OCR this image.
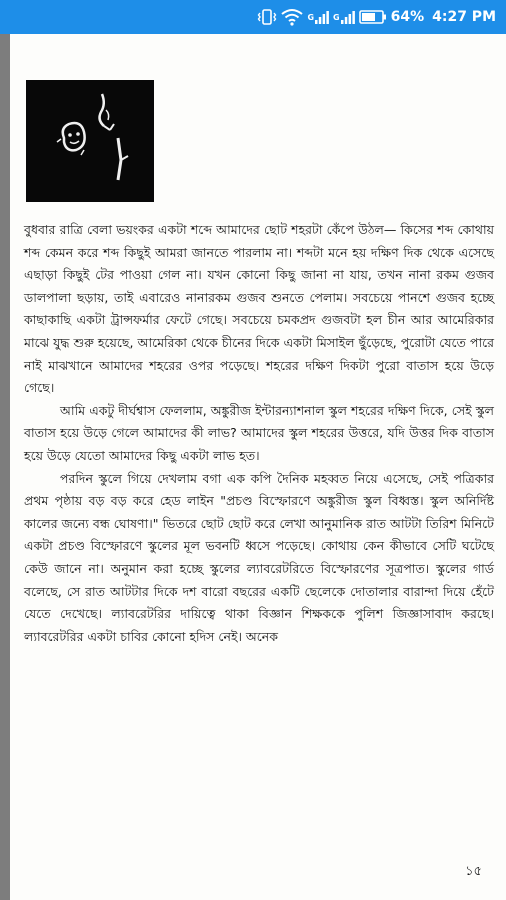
G G	64% 4:27 PM

বুধবার রাত্রি বেলা ভয়ংকর একটা শব্দে আমাদের ছোট শহরটা কেঁপে উঠল— কিসের শব্দ কোথায় শব্দ কেমন করে শব্দ কিছুই আমরা জানতে পারলাম না। শব্দটা মনে হয় দক্ষিণ দিক থেকে এসেছে এছাড়া কিছুই টের পাওয়া গেল না। যখন কোনো কিছু জানা না যায়, তখন নানা রকম গুজব ডালপালা ছড়ায়, তাই এবারেও নানারকম গুজব শুনতে পেলাম। সবচেয়ে পানশে গুজব হচ্ছে কাছাকাছি একটা ট্রান্সফর্মার ফেটে গেছে। সবচেয়ে চমকপ্রদ গুজবটা হল চীন আর আমেরিকার মাঝে যুদ্ধ শুরু হয়েছে, আমেরিকা থেকে চীনের দিকে একটা মিসাইল ছুঁড়েছে, পুরোটা যেতে পারে নাই মাঝখানে আমাদের শহরের ওপর পড়েছে। শহরের দক্ষিণ দিকটা পুরো বাতাস হয়ে উড়ে গেছে।

আমি একটু দীর্ঘশ্বাস ফেললাম, অঙ্কুরীজ ইন্টারন্যাশনাল স্কুল শহরের দক্ষিণ দিকে, সেই স্কুল বাতাস হয়ে উড়ে গেলে আমাদের কী লাভ? আমাদের স্কুল শহরের উত্তরে, যদি উত্তর দিক বাতাস হয়ে উড়ে যেতো আমাদের কিছু একটা লাভ হত।

পরদিন স্কুলে গিয়ে দেখলাম বগা এক কপি দৈনিক মহব্বত নিয়ে এসেছে, সেই পত্রিকার প্রথম পৃষ্ঠায় বড় বড় করে হেড লাইন "প্রচণ্ড বিস্ফোরণে অঙ্কুরীজ স্কুল বিধ্বস্ত। স্কুল অনির্দিষ্ট কালের জন্যে বন্ধ ঘোষণা।" ভিতরে ছোট ছোট করে লেখা আনুমানিক রাত আটটা তিরিশ মিনিটে একটা প্রচণ্ড বিস্ফোরণে স্কুলের মূল ভবনটি ধ্বসে পড়েছে। কোথায় কেন কীভাবে সেটি ঘটেছে কেউ জানে না। অনুমান করা হচ্ছে স্কুলের ল্যাবরেটরিতে বিস্ফোরণের সূত্রপাত। স্কুলের গার্ড বলেছে, সে রাত আটটার দিকে দশ বারো বছরের একটি ছেলেকে দোতালার বারান্দা দিয়ে হেঁটে যেতে দেখেছে। ল্যাবরেটরির দায়িত্বে থাকা বিজ্ঞান শিক্ষককে পুলিশ জিজ্ঞাসাবাদ করছে। ল্যাবরেটরির একটা চাবির কোনো হদিস নেই। অনেক

১৫
